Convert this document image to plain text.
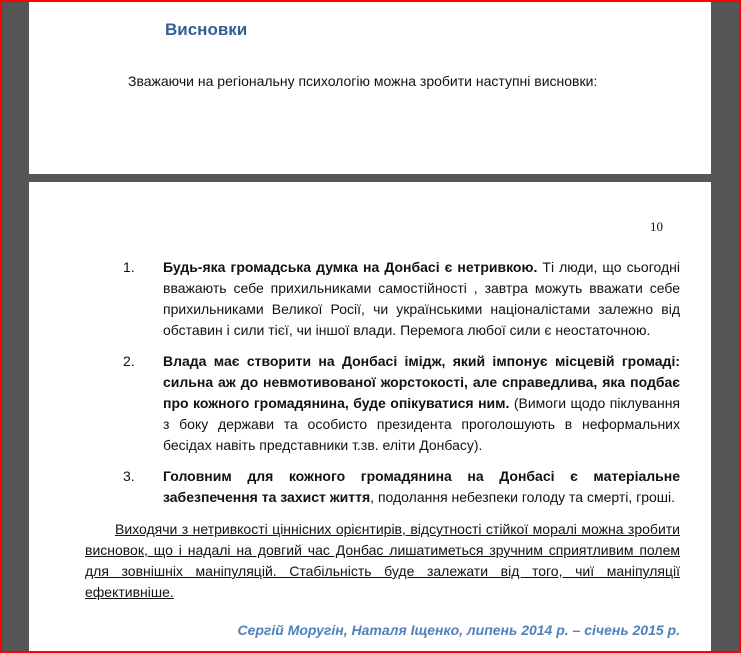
Висновки
Зважаючи на регіональну психологію можна зробити наступні висновки:
10
1. Будь-яка громадська думка на Донбасі є нетривкою. Ті люди, що сьогодні вважають себе прихильниками самостійності , завтра можуть вважати себе прихильниками Великої Росії, чи українськими націоналістами залежно від обставин і сили тієї, чи іншої влади. Перемога любої сили є неостаточною.
2. Влада має створити на Донбасі імідж, який імпонує місцевій громаді: сильна аж до невмотивованої жорстокості, але справедлива, яка подбає про кожного громадянина, буде опікуватися ним. (Вимоги щодо піклування з боку держави та особисто президента проголошують в неформальних бесідах навіть представники т.зв. еліти Донбасу).
3. Головним для кожного громадянина на Донбасі є матеріальне забезпечення та захист життя, подолання небезпеки голоду та смерті, гроші.
Виходячи з нетривкості ціннісних орієнтирів, відсутності стійкої моралі можна зробити висновок, що і надалі на довгий час Донбас лишатиметься зручним сприятливим полем для зовнішніх маніпуляцій. Стабільність буде залежати від того, чиї маніпуляції ефективніше.
Сергій Моругін, Наталя Іщенко, липень 2014 р. – січень 2015 р.
